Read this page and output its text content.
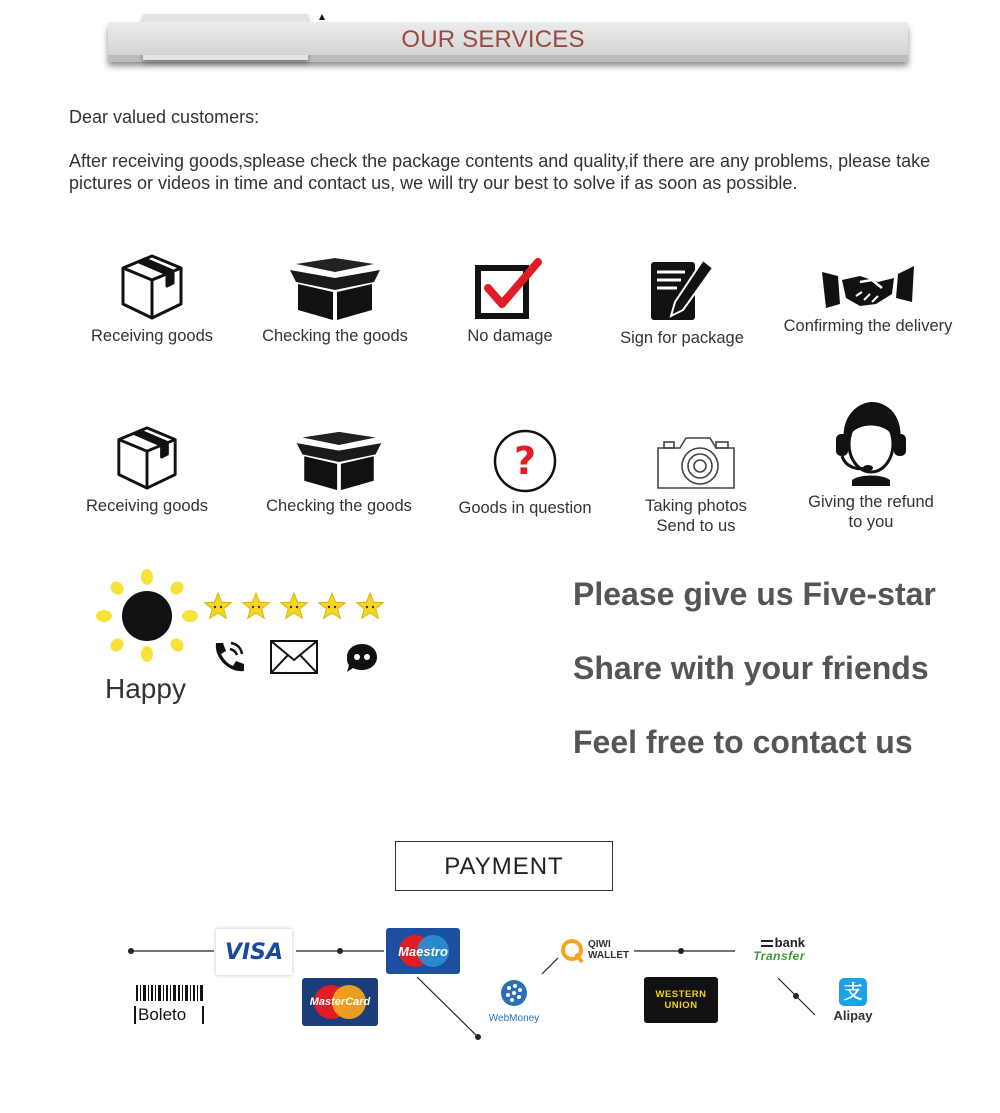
OUR SERVICES
Dear valued customers:
After receiving goods,splease check the package contents and quality,if there are any problems, please take
pictures or videos in time and contact us, we will try our best to solve if as soon as possible.
Receiving goods	Checking the goods	No damage	Sign for package
Confirming the delivery
Receiving goods	Checking the goods
?
Goods in question	Taking photos
Send to us
Giving the refund
to you
Happy
Please give us Five-star
Share with your friends
Feel free to contact us
PAYMENT
VISA	Maestro
MasterCard
Boleto	WebMoney
QIWI
WALLET
WESTERN
UNION
bank
Transfer
支
Alipay
